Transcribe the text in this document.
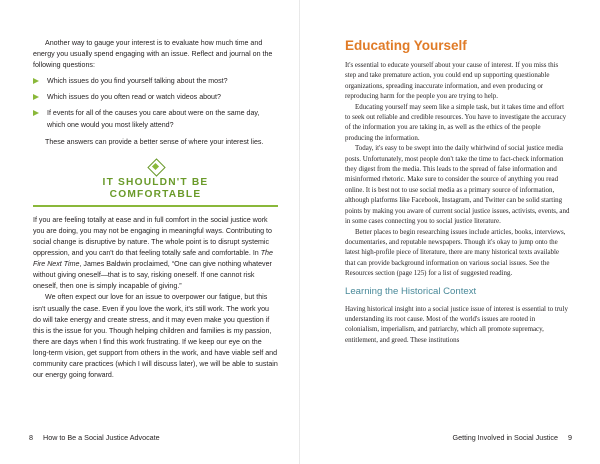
Another way to gauge your interest is to evaluate how much time and energy you usually spend engaging with an issue. Reflect and journal on the following questions:

Which issues do you find yourself talking about the most?
Which issues do you often read or watch videos about?
If events for all of the causes you care about were on the same day, which one would you most likely attend?

These answers can provide a better sense of where your interest lies.

IT SHOULDN'T BE
COMFORTABLE

If you are feeling totally at ease and in full comfort in the social justice work you are doing, you may not be engaging in meaningful ways. Contributing to social change is disruptive by nature. The whole point is to disrupt systemic oppression, and you can't do that feeling totally safe and comfortable. In The Fire Next Time, James Baldwin proclaimed, “One can give nothing whatever without giving oneself—that is to say, risking oneself. If one cannot risk oneself, then one is simply incapable of giving.”

We often expect our love for an issue to overpower our fatigue, but this isn't usually the case. Even if you love the work, it's still work. The work you do will take energy and create stress, and it may even make you question if this is the issue for you. Though helping children and families is my passion, there are days when I find this work frustrating. If we keep our eye on the long-term vision, get support from others in the work, and have viable self and community care practices (which I will discuss later), we will be able to sustain our energy going forward.

8 How to Be a Social Justice Advocate
Educating Yourself

It's essential to educate yourself about your cause of interest. If you miss this step and take premature action, you could end up supporting questionable organizations, spreading inaccurate information, and even producing or reproducing harm for the people you are trying to help.

Educating yourself may seem like a simple task, but it takes time and effort to seek out reliable and credible resources. You have to investigate the accuracy of the information you are taking in, as well as the ethics of the people producing the information.

Today, it's easy to be swept into the daily whirlwind of social justice media posts. Unfortunately, most people don't take the time to fact-check information they digest from the media. This leads to the spread of false information and misinformed rhetoric. Make sure to consider the source of anything you read online. It is best not to use social media as a primary source of information, although platforms like Facebook, Instagram, and Twitter can be solid starting points by making you aware of current social justice issues, activists, events, and in some cases connecting you to social justice literature.

Better places to begin researching issues include articles, books, interviews, documentaries, and reputable newspapers. Though it's okay to jump onto the latest high-profile piece of literature, there are many historical texts available that can provide background information on various social issues. See the Resources section (page 125) for a list of suggested reading.

Learning the Historical Context

Having historical insight into a social justice issue of interest is essential to truly understanding its root cause. Most of the world's issues are rooted in colonialism, imperialism, and patriarchy, which all promote supremacy, entitlement, and greed. These institutions

Getting Involved in Social Justice 9
